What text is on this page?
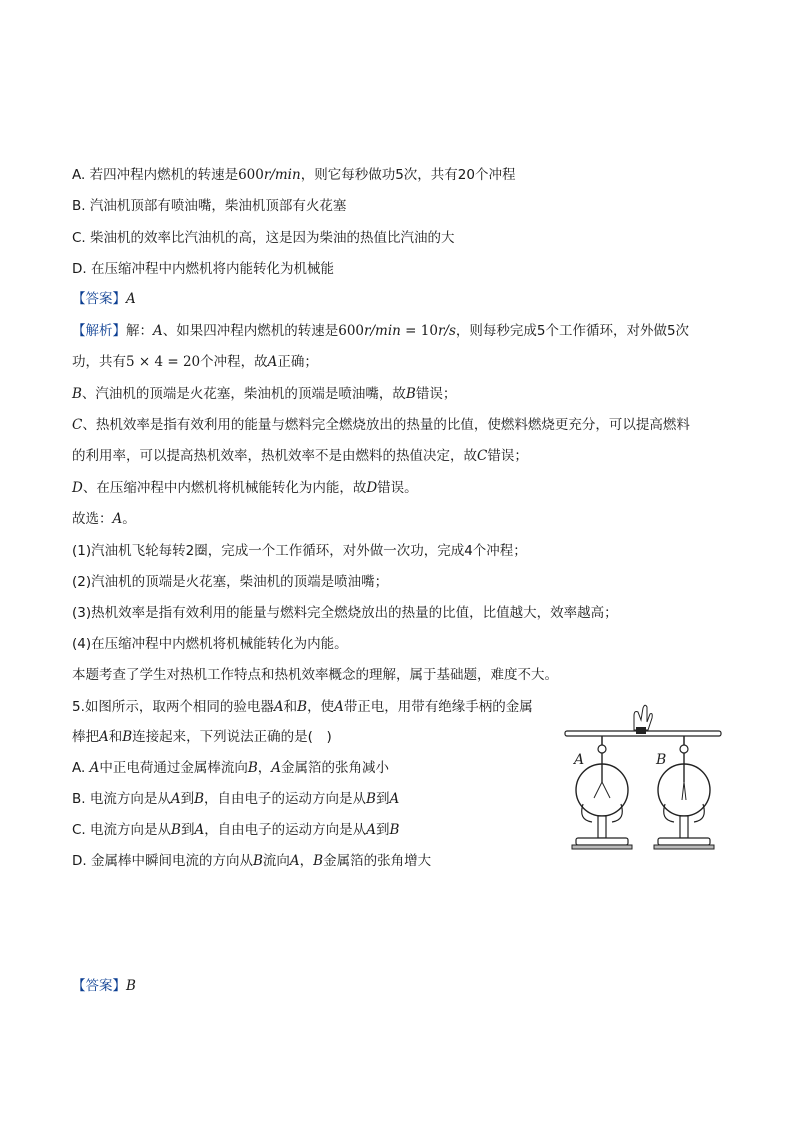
A. 若四冲程内燃机的转速是600r/min，则它每秒做功5次，共有20个冲程
B. 汽油机顶部有喷油嘴，柴油机顶部有火花塞
C. 柴油机的效率比汽油机的高，这是因为柴油的热值比汽油的大
D. 在压缩冲程中内燃机将内能转化为机械能
【答案】A
【解析】解：A、如果四冲程内燃机的转速是600r/min = 10r/s，则每秒完成5个工作循环，对外做5次
功，共有5 × 4 = 20个冲程，故A正确；
B、汽油机的顶端是火花塞，柴油机的顶端是喷油嘴，故B错误；
C、热机效率是指有效利用的能量与燃料完全燃烧放出的热量的比值，使燃料燃烧更充分，可以提高燃料
的利用率，可以提高热机效率，热机效率不是由燃料的热值决定，故C错误；
D、在压缩冲程中内燃机将机械能转化为内能，故D错误。
故选：A。
(1)汽油机飞轮每转2圈，完成一个工作循环，对外做一次功，完成4个冲程；
(2)汽油机的顶端是火花塞，柴油机的顶端是喷油嘴；
(3)热机效率是指有效利用的能量与燃料完全燃烧放出的热量的比值，比值越大，效率越高；
(4)在压缩冲程中内燃机将机械能转化为内能。
本题考查了学生对热机工作特点和热机效率概念的理解，属于基础题，难度不大。
5.如图所示，取两个相同的验电器A和B，使A带正电，用带有绝缘手柄的金属
棒把A和B连接起来，下列说法正确的是(　)
A. A中正电荷通过金属棒流向B，A金属箔的张角减小
B. 电流方向是从A到B，自由电子的运动方向是从B到A
C. 电流方向是从B到A，自由电子的运动方向是从A到B
D. 金属棒中瞬间电流的方向从B流向A，B金属箔的张角增大
A	B
【答案】B
